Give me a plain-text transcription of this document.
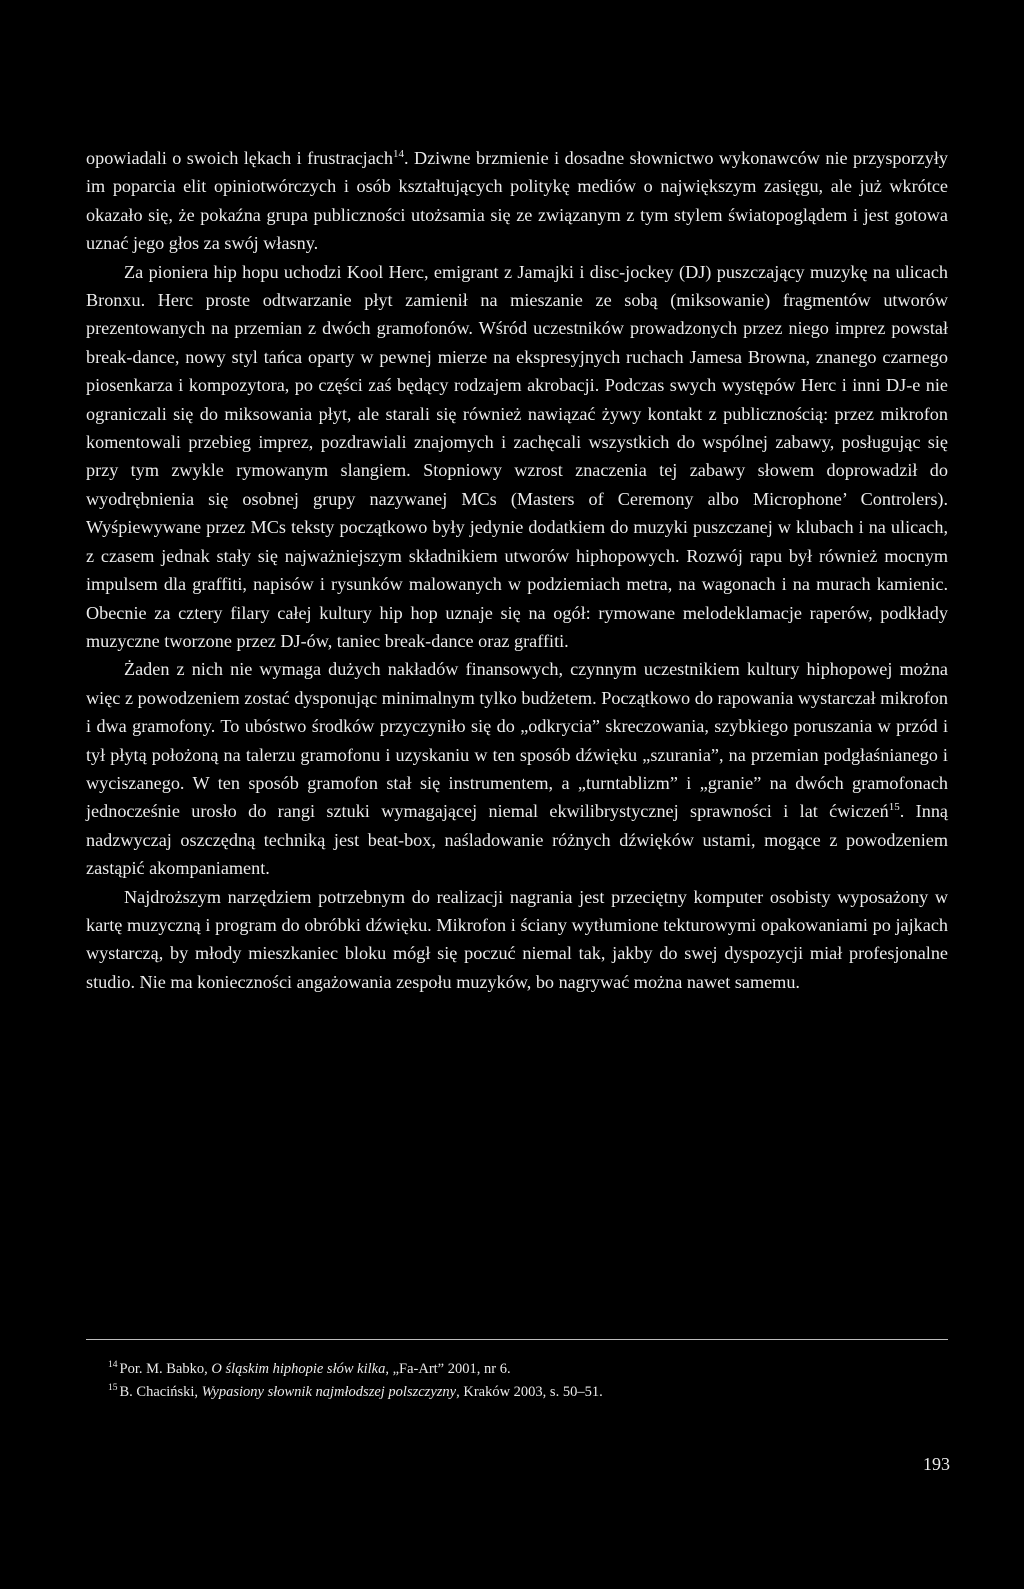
opowiadali o swoich lękach i frustracjach$^{14}$. Dziwne brzmienie i dosadne słownictwo wykonawców nie przysporzyły im poparcia elit opiniotwórczych i osób kształtujących politykę mediów o największym zasięgu, ale już wkrótce okazało się, że pokaźna grupa publiczności utożsamia się ze związanym z tym stylem światopoglądem i jest gotowa uznać jego głos za swój własny.

Za pioniera hip hopu uchodzi Kool Herc, emigrant z Jamajki i disc-jockey (DJ) puszczający muzykę na ulicach Bronxu. Herc proste odtwarzanie płyt zamienił na mieszanie ze sobą (miksowanie) fragmentów utworów prezentowanych na przemian z dwóch gramofonów. Wśród uczestników prowadzonych przez niego imprez powstał break-dance, nowy styl tańca oparty w pewnej mierze na ekspresyjnych ruchach Jamesa Browna, znanego czarnego piosenkarza i kompozytora, po części zaś będący rodzajem akrobacji. Podczas swych występów Herc i inni DJ-e nie ograniczali się do miksowania płyt, ale starali się również nawiązać żywy kontakt z publicznością: przez mikrofon komentowali przebieg imprez, pozdrawiali znajomych i zachęcali wszystkich do wspólnej zabawy, posługując się przy tym zwykle rymowanym slangiem. Stopniowy wzrost znaczenia tej zabawy słowem doprowadził do wyodrębnienia się osobnej grupy nazywanej MCs (Masters of Ceremony albo Microphone’ Controlers). Wyśpiewywane przez MCs teksty początkowo były jedynie dodatkiem do muzyki puszczanej w klubach i na ulicach, z czasem jednak stały się najważniejszym składnikiem utworów hiphopowych. Rozwój rapu był również mocnym impulsem dla graffiti, napisów i rysunków malowanych w podziemiach metra, na wagonach i na murach kamienic. Obecnie za cztery filary całej kultury hip hop uznaje się na ogół: rymowane melodeklamacje raperów, podkłady muzyczne tworzone przez DJ-ów, taniec break-dance oraz graffiti.

Żaden z nich nie wymaga dużych nakładów finansowych, czynnym uczestnikiem kultury hiphopowej można więc z powodzeniem zostać dysponując minimalnym tylko budżetem. Początkowo do rapowania wystarczał mikrofon i dwa gramofony. To ubóstwo środków przyczyniło się do „odkrycia” skreczowania, szybkiego poruszania w przód i tył płytą położoną na talerzu gramofonu i uzyskaniu w ten sposób dźwięku „szurania”, na przemian podgłaśnianego i wyciszanego. W ten sposób gramofon stał się instrumentem, a „turntablizm” i „granie” na dwóch gramofonach jednocześnie urosło do rangi sztuki wymagającej niemal ekwilibrystycznej sprawności i lat ćwiczeń$^{15}$. Inną nadzwyczaj oszczędną techniką jest beat-box, naśladowanie różnych dźwięków ustami, mogące z powodzeniem zastąpić akompaniament.

Najdroższym narzędziem potrzebnym do realizacji nagrania jest przeciętny komputer osobisty wyposażony w kartę muzyczną i program do obróbki dźwięku. Mikrofon i ściany wytłumione tekturowymi opakowaniami po jajkach wystarczą, by młody mieszkaniec bloku mógł się poczuć niemal tak, jakby do swej dyspozycji miał profesjonalne studio. Nie ma konieczności angażowania zespołu muzyków, bo nagrywać można nawet samemu.

$^{14}$ Por. M. Babko, O śląskim hiphopie słów kilka, „Fa-Art” 2001, nr 6.

$^{15}$ B. Chaciński, Wypasiony słownik najmłodszej polszczyzny, Kraków 2003, s. 50–51.

193
